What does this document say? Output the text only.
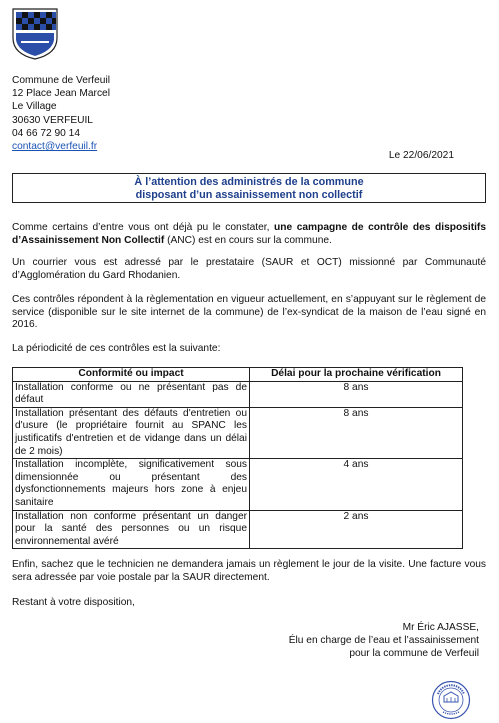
Commune de Verfeuil
12 Place Jean Marcel
Le Village
30630 VERFEUIL
04 66 72 90 14
contact@verfeuil.fr
Le 22/06/2021
À l’attention des administrés de la commune
disposant d’un assainissement non collectif
Comme certains d’entre vous ont déjà pu le constater, une campagne de contrôle des dispositifs d’Assainissement Non Collectif (ANC) est en cours sur la commune.
Un courrier vous est adressé par le prestataire (SAUR et OCT) missionné par Communauté d’Agglomération du Gard Rhodanien.
Ces contrôles répondent à la règlementation en vigueur actuellement, en s’appuyant sur le règlement de service (disponible sur le site internet de la commune) de l’ex-syndicat de la maison de l’eau signé en 2016.
La périodicité de ces contrôles est la suivante:
Conformité ou impact	Délai pour la prochaine vérification
Installation conforme ou ne présentant pas de défaut	8 ans
Installation présentant des défauts d'entretien ou d'usure (le propriétaire fournit au SPANC les justificatifs d'entretien et de vidange dans un délai de 2 mois)	8 ans
Installation incomplète, significativement sous dimensionnée ou présentant des dysfonctionnements majeurs hors zone à enjeu sanitaire	4 ans
Installation non conforme présentant un danger pour la santé des personnes ou un risque environnemental avéré	2 ans
Enfin, sachez que le technicien ne demandera jamais un règlement le jour de la visite. Une facture vous sera adressée par voie postale par la SAUR directement.
Restant à votre disposition,
Mr Éric AJASSE,
Élu en charge de l’eau et l’assainissement
pour la commune de Verfeuil
